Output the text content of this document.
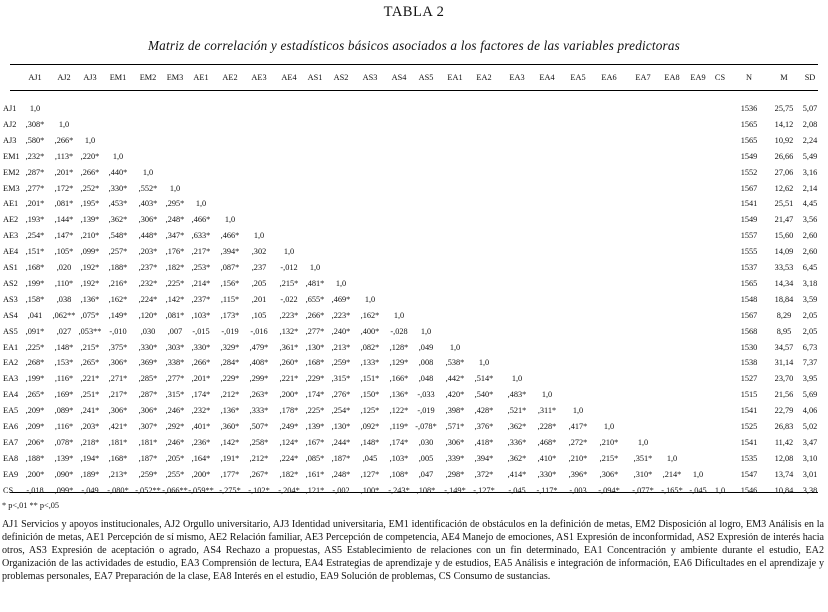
TABLA 2
Matriz de correlación y estadísticos básicos asociados a los factores de las variables predictoras
AJ1 AJ2 AJ3 EM1 EM2 EM3 AE1 AE2 AE3 AE4 AS1 AS2 AS3 AS4 AS5 EA1 EA2 EA3 EA4 EA5 EA6 EA7 EA8 EA9 CS	N	M SD
AJ1 1,0	1536 25,75 5,07
AJ2 ,308* 1,0	1565 14,12 2,08
AJ3 ,580* ,266* 1,0	1565 10,92 2,24
EM1 ,232* ,113* ,220* 1,0	1549 26,66 5,49
EM2 ,287* ,201* ,266* ,440* 1,0	1552 27,06 3,16
EM3 ,277* ,172* ,252* ,330* ,552* 1,0	1567 12,62 2,14
AE1 ,201* ,081* ,195* ,453* ,403* ,295* 1,0	1541 25,51 4,45
AE2 ,193* ,144* ,139* ,362* ,306* ,248* ,466* 1,0	1549 21,47 3,56
AE3 ,254* ,147* ,210* ,548* ,448* ,347* ,633* ,466* 1,0	1557 15,60 2,60
AE4 ,151* ,105* ,099* ,257* ,203* ,176* ,217* ,394* ,302 1,0	1555 14,09 2,60
AS1 ,168* ,020 ,192* ,188* ,237* ,182* ,253* ,087* ,237 -,012 1,0	1537 33,53 6,45
AS2 ,199* ,110* ,192* ,216* ,232* ,225* ,214* ,156* ,205 ,215* ,481* 1,0	1565 14,34 3,18
AS3 ,158* ,038 ,136* ,162* ,224* ,142* ,237* ,115* ,201 -,022 ,655* ,469* 1,0	1548 18,84 3,59
AS4 ,041 ,062** ,075* ,149* ,120* ,081* ,103* ,173* ,105 ,223* ,266* ,223* ,162* 1,0	1567 8,29 2,05
AS5 ,091* ,027 ,053** -,010 ,030 ,007 -,015 -,019 -,016 ,132* ,277* ,240* ,400* -,028 1,0	1568 8,95 2,05
EA1 ,225* ,148* ,215* ,375* ,330* ,303* ,330* ,329* ,479* ,361* ,130* ,213* ,082* ,128* ,049 1,0	1530 34,57 6,73
EA2 ,268* ,153* ,265* ,306* ,369* ,338* ,266* ,284* ,408* ,260* ,168* ,259* ,133* ,129* ,008 ,538* 1,0	1538 31,14 7,37
EA3 ,199* ,116* ,221* ,271* ,285* ,277* ,201* ,229* ,299* ,221* ,229* ,315* ,151* ,166* ,048 ,442* ,514* 1,0	1527 23,70 3,95
EA4 ,265* ,169* ,251* ,217* ,287* ,315* ,174* ,212* ,263* ,200* ,174* ,276* ,150* ,136* -,033 ,420* ,540* ,483* 1,0	1515 21,56 5,69
EA5 ,209* ,089* ,241* ,306* ,306* ,246* ,232* ,136* ,333* ,178* ,225* ,254* ,125* ,122* -,019 ,398* ,428* ,521* ,311* 1,0	1541 22,79 4,06
EA6 ,209* ,116* ,203* ,421* ,307* ,292* ,401* ,360* ,507* ,249* ,139* ,130* ,092* ,119* -,078* ,571* ,376* ,362* ,228* ,417* 1,0	1525 26,83 5,02
EA7 ,206* ,078* ,218* ,181* ,181* ,246* ,236* ,142* ,258* ,124* ,167* ,244* ,148* ,174* ,030 ,306* ,418* ,336* ,468* ,272* ,210* 1,0	1541 11,42 3,47
EA8 ,188* ,139* ,194* ,168* ,187* ,205* ,164* ,191* ,212* ,224* ,085* ,187* ,045 ,103* ,005 ,339* ,394* ,362* ,410* ,210* ,215* ,351* 1,0	1535 12,08 3,10
EA9 ,200* ,090* ,189* ,213* ,259* ,255* ,200* ,177* ,267* ,182* ,161* ,248* ,127* ,108* ,047 ,298* ,372* ,414* ,330* ,396* ,306* ,310* ,214* 1,0	1547 13,74 3,01
CS -,018 ,099* -,049 -,080* -,052** -,066** -,059** -,275* -,102* -,204* ,121* -,002 ,100* -,243* ,108* -,149* -,127* -,045 -,117* -,003 -,094* -,077* -,165* -,045 1,0 1546 10,84 3,38
* p<,01 ** p<,05
AJ1 Servicios y apoyos institucionales, AJ2 Orgullo universitario, AJ3 Identidad universitaria, EM1 identificación de obstáculos en la definición de metas, EM2 Disposición al logro, EM3 Análisis en la definición de metas, AE1 Percepción de sí mismo, AE2 Relación familiar, AE3 Percepción de competencia, AE4 Manejo de emociones, AS1 Expresión de inconformidad, AS2 Expresión de interés hacia otros, AS3 Expresión de aceptación o agrado, AS4 Rechazo a propuestas, AS5 Establecimiento de relaciones con un fin determinado, EA1 Concentración y ambiente durante el estudio, EA2 Organización de las actividades de estudio, EA3 Comprensión de lectura, EA4 Estrategias de aprendizaje y de estudios, EA5 Análisis e integración de información, EA6 Dificultades en el aprendizaje y problemas personales, EA7 Preparación de la clase, EA8 Interés en el estudio, EA9 Solución de problemas, CS Consumo de sustancias.
